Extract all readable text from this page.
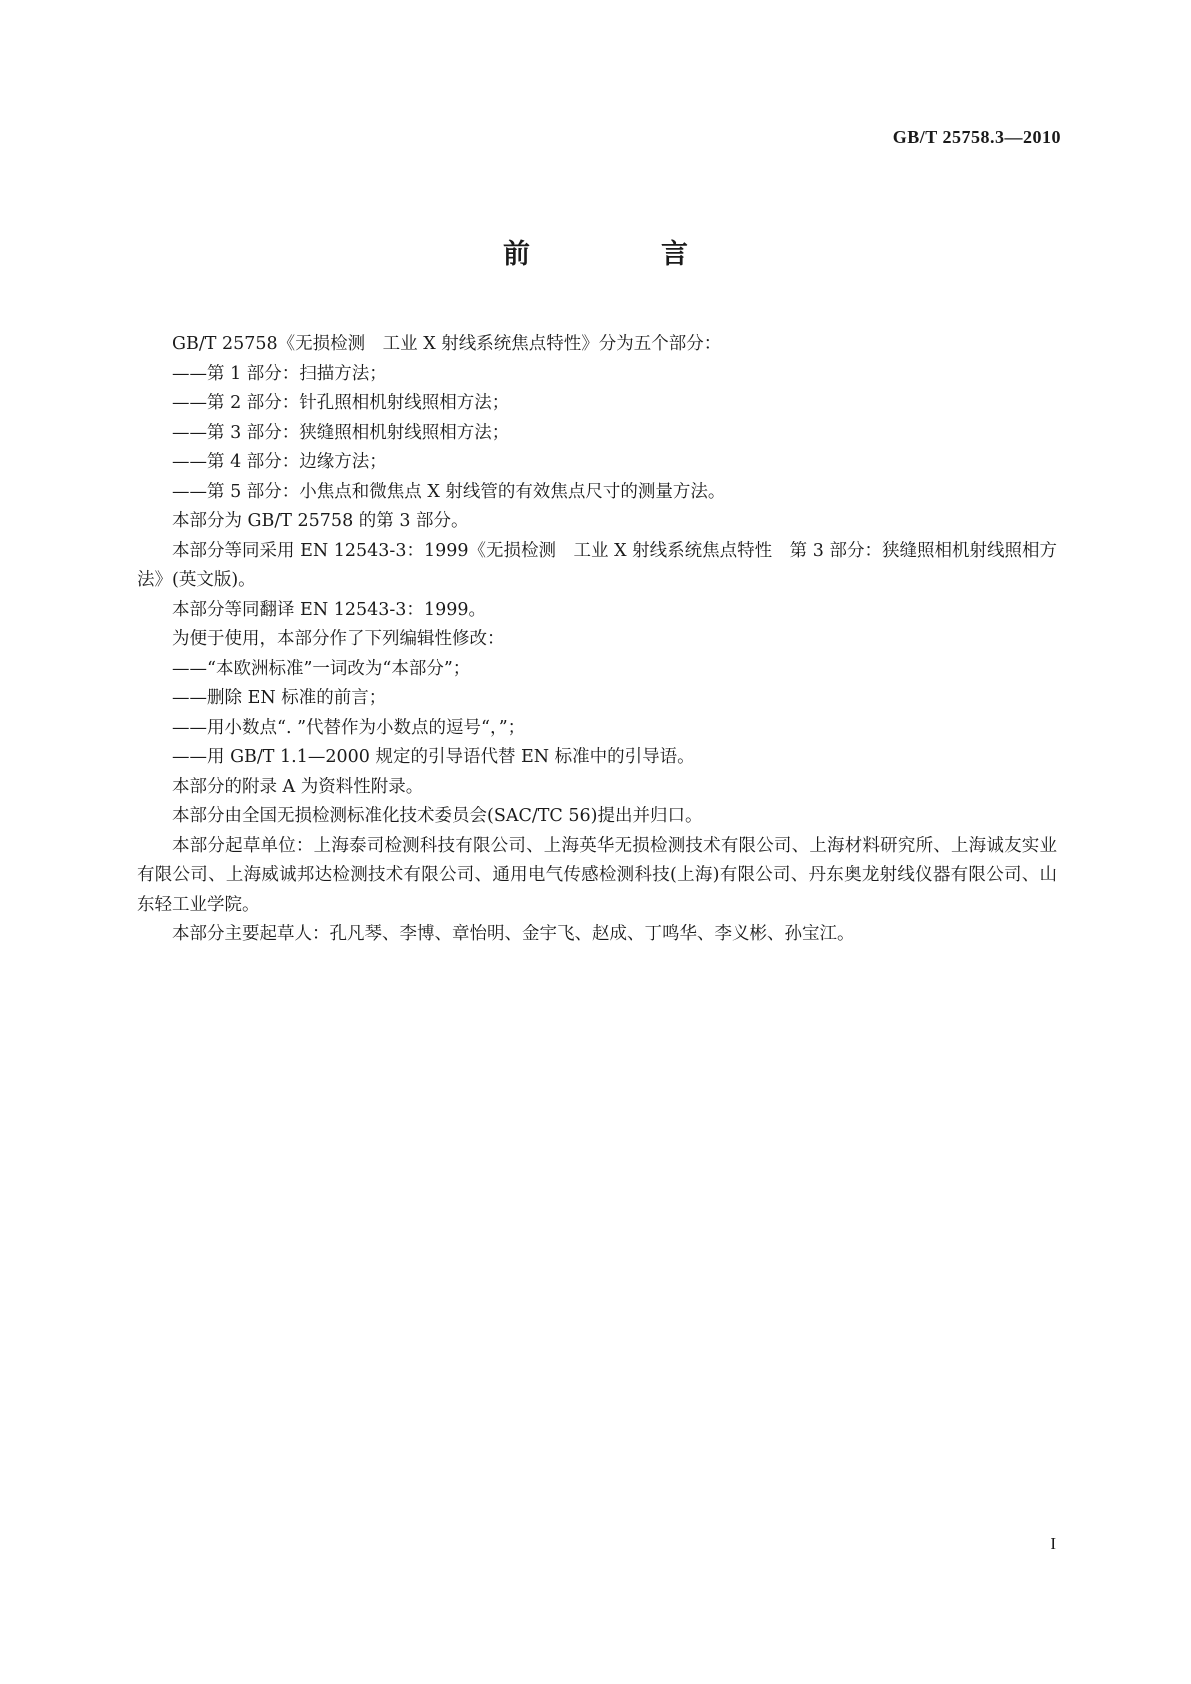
GB/T 25758.3—2010
前　言

GB/T 25758《无损检测　工业 X 射线系统焦点特性》分为五个部分：

——第 1 部分：扫描方法；

——第 2 部分：针孔照相机射线照相方法；

——第 3 部分：狭缝照相机射线照相方法；

——第 4 部分：边缘方法；

——第 5 部分：小焦点和微焦点 X 射线管的有效焦点尺寸的测量方法。

本部分为 GB/T 25758 的第 3 部分。

本部分等同采用 EN 12543-3：1999《无损检测　工业 X 射线系统焦点特性　第 3 部分：狭缝照相机射线照相方法》(英文版)。

本部分等同翻译 EN 12543-3：1999。

为便于使用，本部分作了下列编辑性修改：

——“本欧洲标准”一词改为“本部分”；

——删除 EN 标准的前言；

——用小数点“. ”代替作为小数点的逗号“，”；

——用 GB/T 1.1—2000 规定的引导语代替 EN 标准中的引导语。

本部分的附录 A 为资料性附录。

本部分由全国无损检测标准化技术委员会(SAC/TC 56)提出并归口。

本部分起草单位：上海泰司检测科技有限公司、上海英华无损检测技术有限公司、上海材料研究所、上海诚友实业有限公司、上海威诚邦达检测技术有限公司、通用电气传感检测科技(上海)有限公司、丹东奥龙射线仪器有限公司、山东轻工业学院。

本部分主要起草人：孔凡琴、李博、章怡明、金宇飞、赵成、丁鸣华、李义彬、孙宝江。

I
